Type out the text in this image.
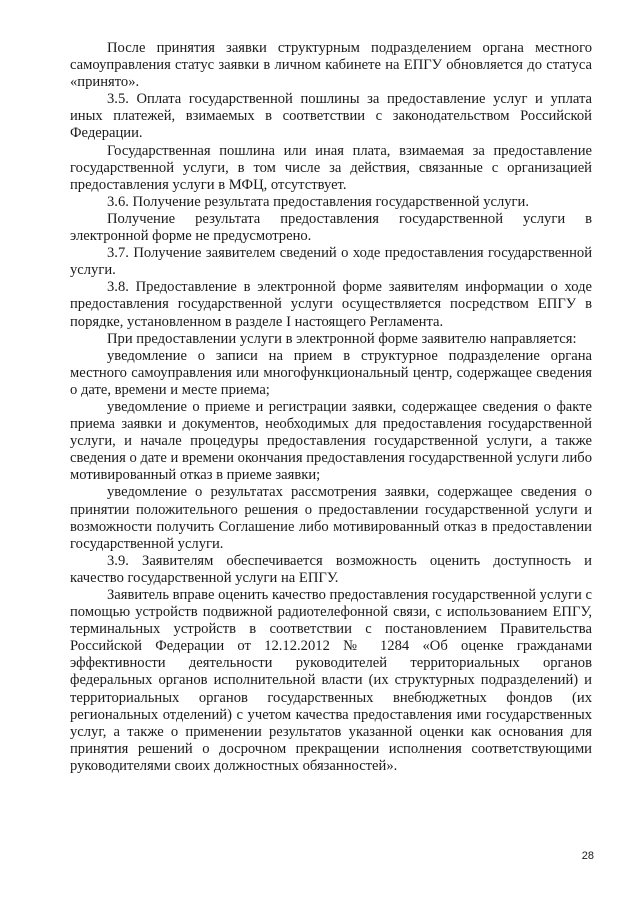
После принятия заявки структурным подразделением органа местного самоуправления статус заявки в личном кабинете на ЕПГУ обновляется до статуса «принято».

3.5. Оплата государственной пошлины за предоставление услуг и уплата иных платежей, взимаемых в соответствии с законодательством Российской Федерации.

Государственная пошлина или иная плата, взимаемая за предоставление государственной услуги, в том числе за действия, связанные с организацией предоставления услуги в МФЦ, отсутствует.

3.6. Получение результата предоставления государственной услуги.

Получение результата предоставления государственной услуги в электронной форме не предусмотрено.

3.7. Получение заявителем сведений о ходе предоставления государственной услуги.

3.8. Предоставление в электронной форме заявителям информации о ходе предоставления государственной услуги осуществляется посредством ЕПГУ в порядке, установленном в разделе I настоящего Регламента.

При предоставлении услуги в электронной форме заявителю направляется:

уведомление о записи на прием в структурное подразделение органа местного самоуправления или многофункциональный центр, содержащее сведения о дате, времени и месте приема;

уведомление о приеме и регистрации заявки, содержащее сведения о факте приема заявки и документов, необходимых для предоставления государственной услуги, и начале процедуры предоставления государственной услуги, а также сведения о дате и времени окончания предоставления государственной услуги либо мотивированный отказ в приеме заявки;

уведомление о результатах рассмотрения заявки, содержащее сведения о принятии положительного решения о предоставлении государственной услуги и возможности получить Соглашение либо мотивированный отказ в предоставлении государственной услуги.

3.9. Заявителям обеспечивается возможность оценить доступность и качество государственной услуги на ЕПГУ.

Заявитель вправе оценить качество предоставления государственной услуги с помощью устройств подвижной радиотелефонной связи, с использованием ЕПГУ, терминальных устройств в соответствии с постановлением Правительства Российской Федерации от 12.12.2012 № 1284 «Об оценке гражданами эффективности деятельности руководителей территориальных органов федеральных органов исполнительной власти (их структурных подразделений) и территориальных органов государственных внебюджетных фондов (их региональных отделений) с учетом качества предоставления ими государственных услуг, а также о применении результатов указанной оценки как основания для принятия решений о досрочном прекращении исполнения соответствующими руководителями своих должностных обязанностей».

28
